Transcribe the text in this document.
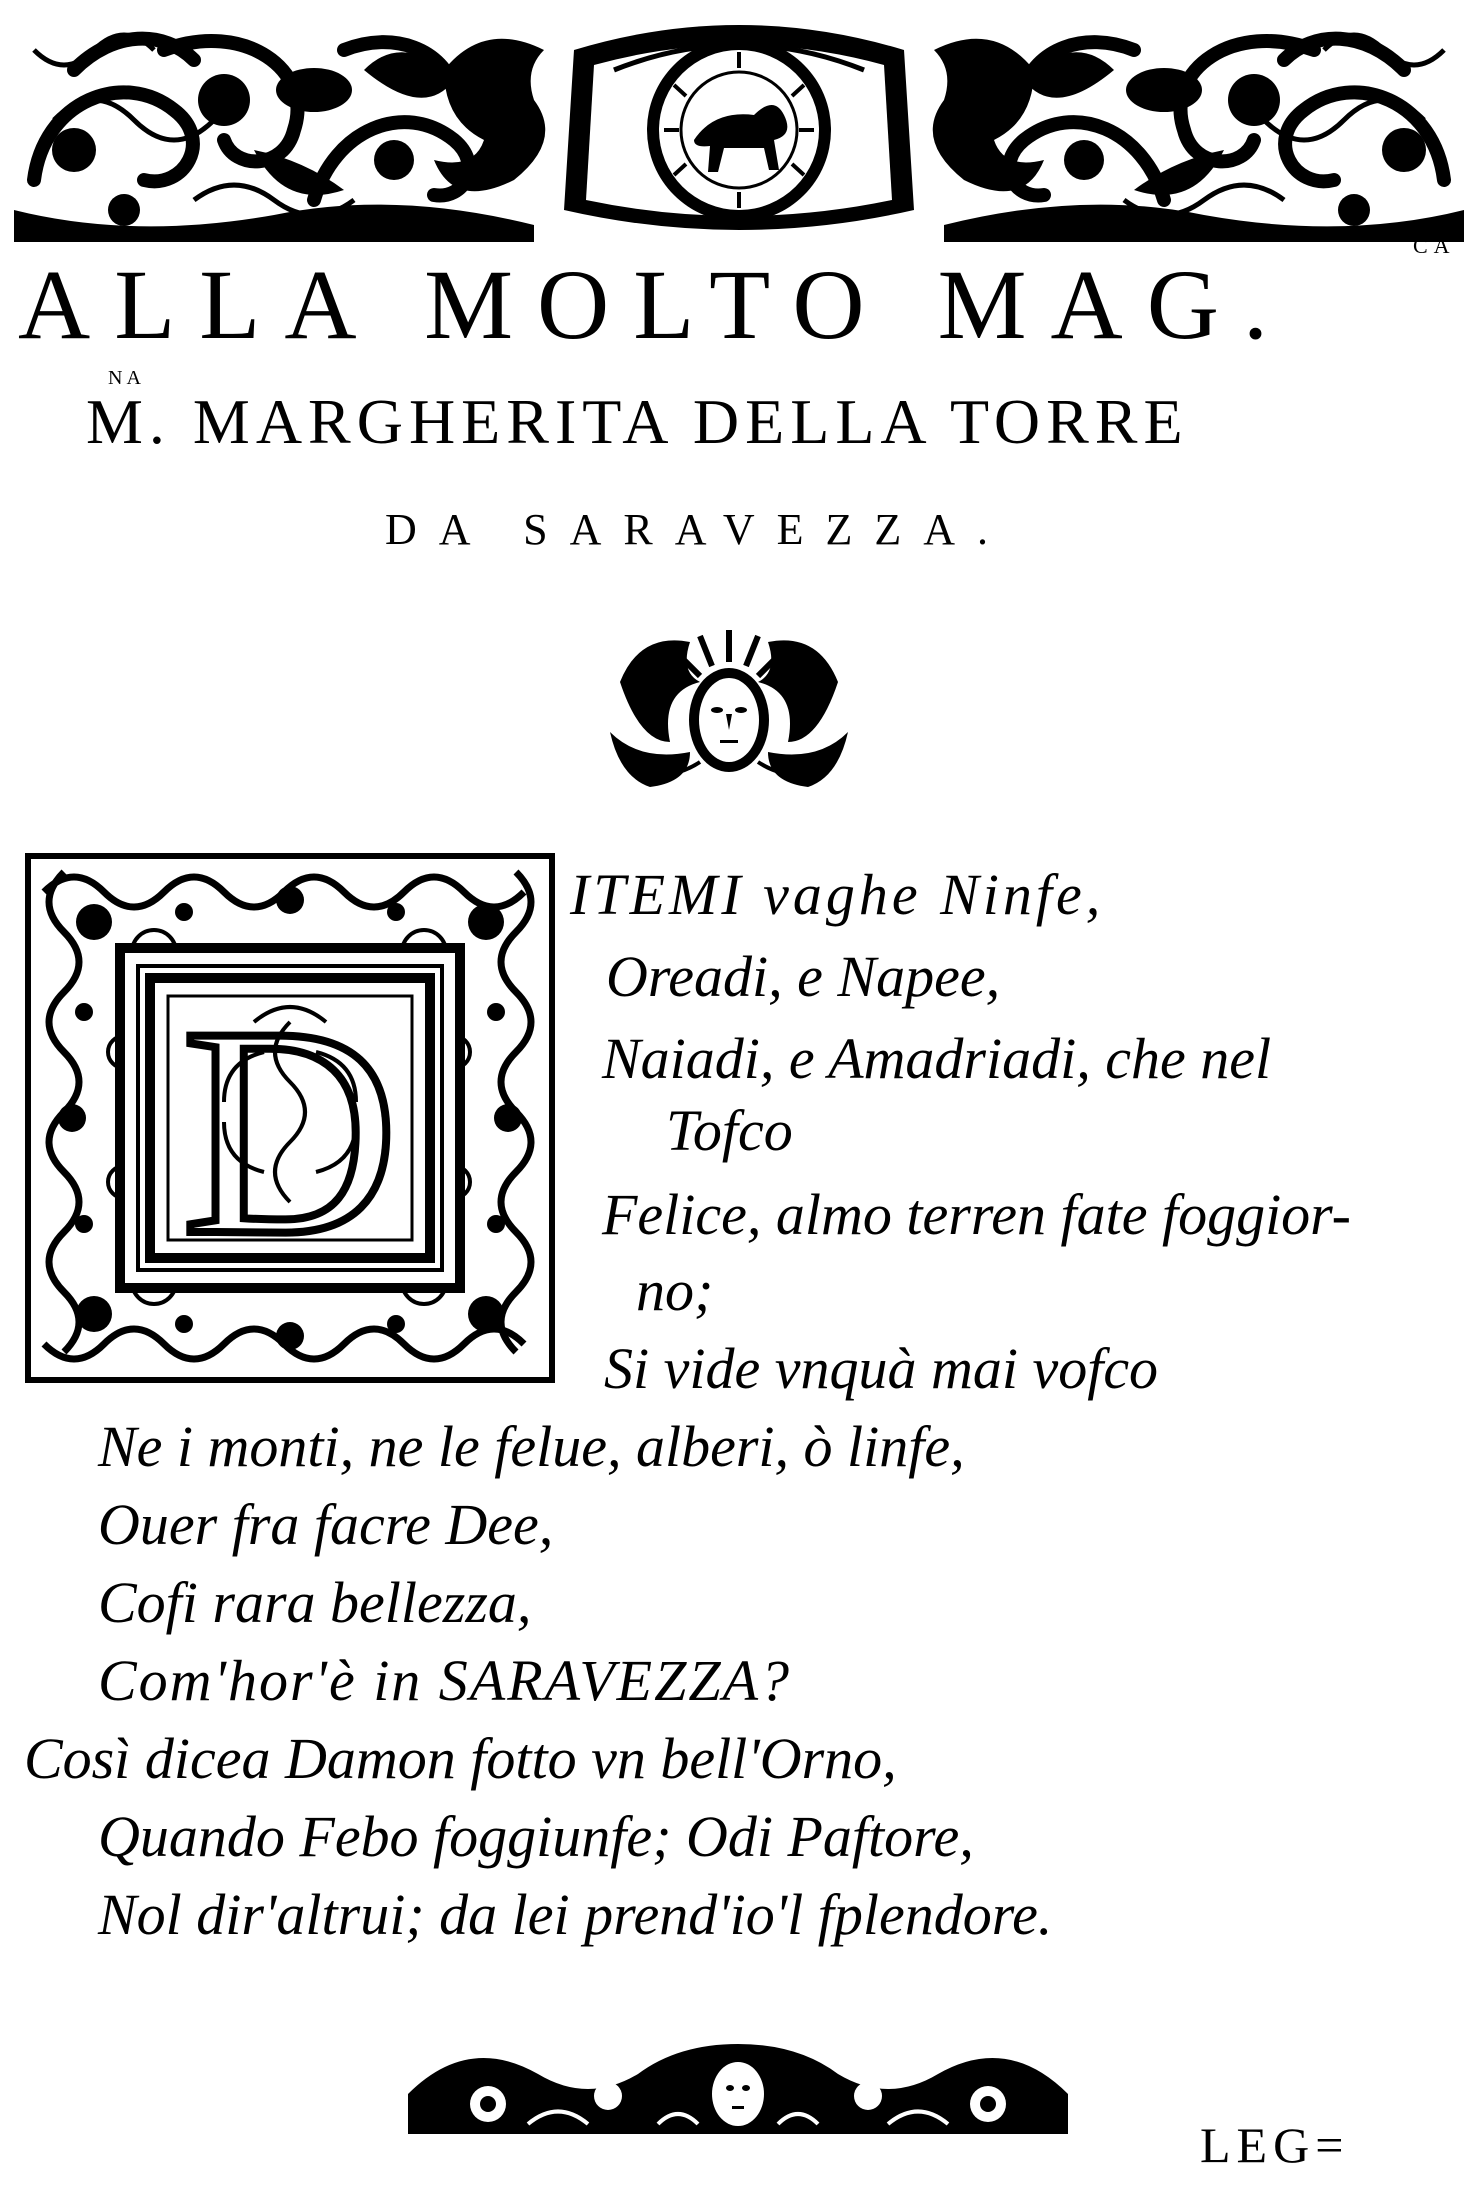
ALLA MOLTO MAG.
CA
NA
M. MARGHERITA DELLA TORRE
DA SARAVEZZA.
D
ITEMI vaghe Ninfe,
Oreadi, e Napee,
Naiadi, e Amadriadi, che nel
Tofco
Felice, almo terren fate foggior-
no;
Si vide vnquà mai vofco
Ne i monti, ne le felue, alberi, ò linfe,
Ouer fra facre Dee,
Cofi rara bellezza,
Com'hor'è in SARAVEZZA?
Così dicea Damon fotto vn bell'Orno,
Quando Febo foggiunfe; Odi Paftore,
Nol dir'altrui; da lei prend'io'l fplendore.
LEG=
